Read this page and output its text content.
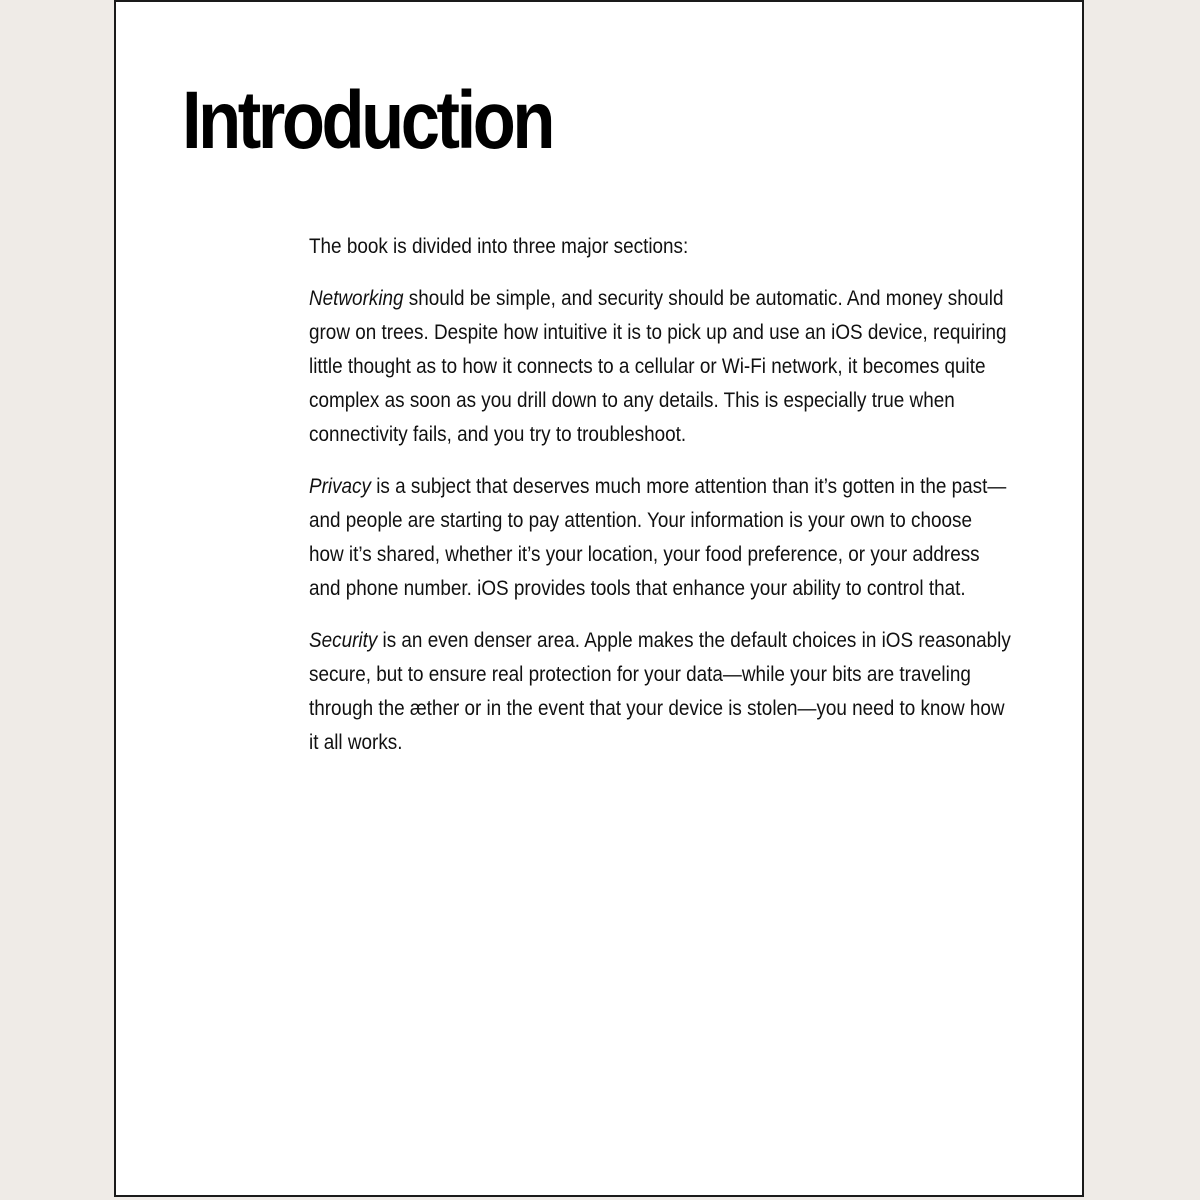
Introduction

The book is divided into three major sections:

Networking should be simple, and security should be automatic. And money should grow on trees. Despite how intuitive it is to pick up and use an iOS device, requiring little thought as to how it connects to a cellular or Wi-Fi network, it becomes quite complex as soon as you drill down to any details. This is especially true when connectivity fails, and you try to troubleshoot.

Privacy is a subject that deserves much more attention than it’s gotten in the past—and people are starting to pay attention. Your information is your own to choose how it’s shared, whether it’s your location, your food preference, or your address and phone number. iOS provides tools that enhance your ability to control that.

Security is an even denser area. Apple makes the default choices in iOS reasonably secure, but to ensure real protection for your data—while your bits are traveling through the æther or in the event that your device is stolen—you need to know how it all works.
